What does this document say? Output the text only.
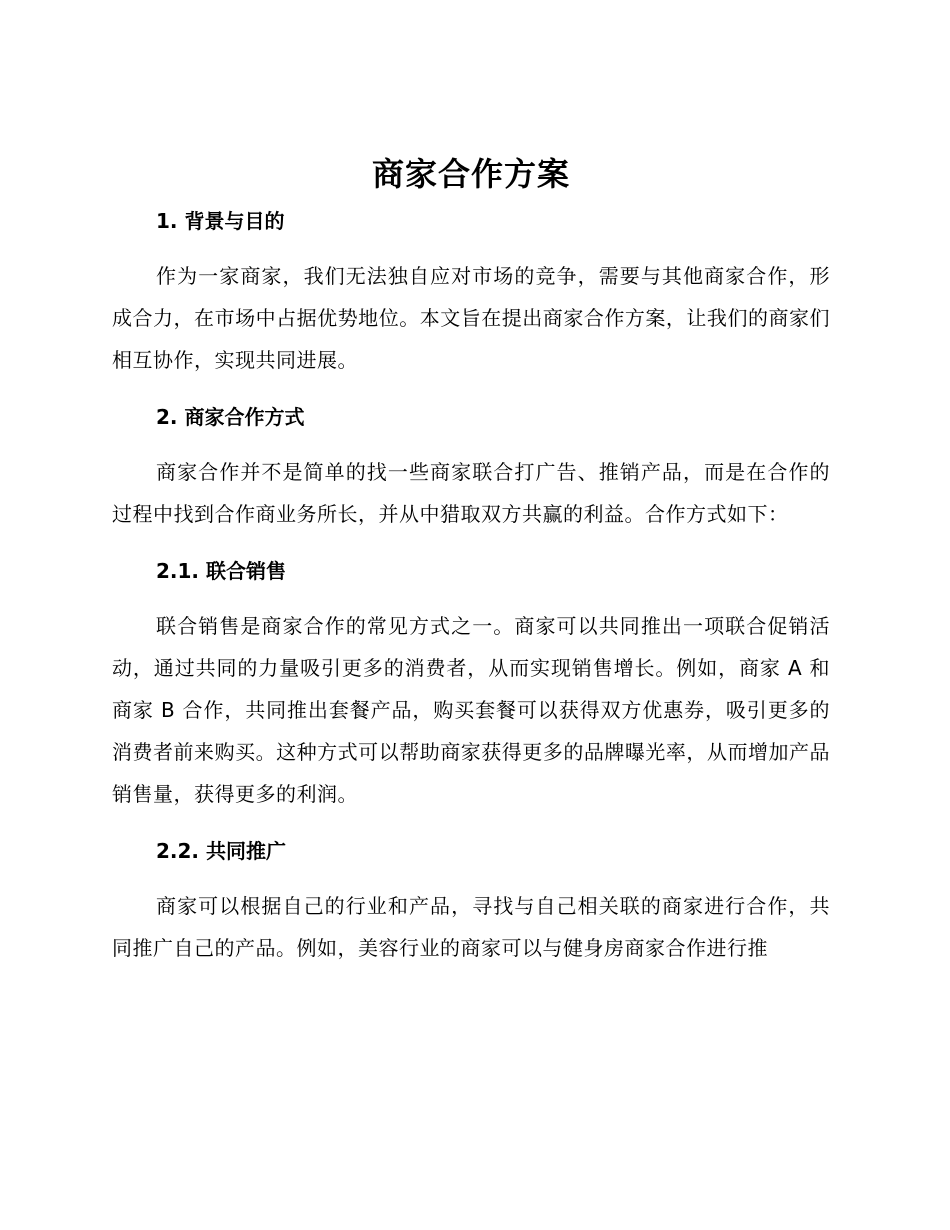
商家合作方案
1. 背景与目的

作为一家商家，我们无法独自应对市场的竞争，需要与其他商家合作，形成合力，在市场中占据优势地位。本文旨在提出商家合作方案，让我们的商家们相互协作，实现共同进展。

2. 商家合作方式

商家合作并不是简单的找一些商家联合打广告、推销产品，而是在合作的过程中找到合作商业务所长，并从中猎取双方共赢的利益。合作方式如下：

2.1. 联合销售

联合销售是商家合作的常见方式之一。商家可以共同推出一项联合促销活动，通过共同的力量吸引更多的消费者，从而实现销售增长。例如，商家 A 和商家 B 合作，共同推出套餐产品，购买套餐可以获得双方优惠券，吸引更多的消费者前来购买。这种方式可以帮助商家获得更多的品牌曝光率，从而增加产品销售量，获得更多的利润。

2.2. 共同推广

商家可以根据自己的行业和产品，寻找与自己相关联的商家进行合作，共同推广自己的产品。例如，美容行业的商家可以与健身房商家合作进行推
